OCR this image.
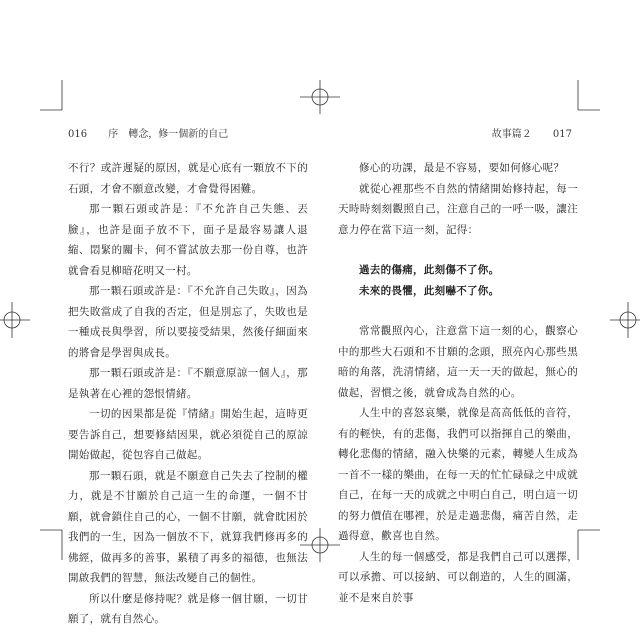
016 序　轉念，修一個新的自己	故事篇２ 017

不行？或許遲疑的原因，就是心底有一顆放不下的石頭，才會不願意改變，才會覺得困難。

那一顆石頭或許是：『不允許自己失態、丟臉』，也許是面子放不下，面子是最容易讓人退縮、悶緊的關卡，何不嘗試放去那一份自尊，也許就會看見柳暗花明又一村。

那一顆石頭或許是：『不允許自己失敗』，因為把失敗當成了自我的否定，但是別忘了，失敗也是一種成長與學習，所以要接受結果，然後仔細面來的將會是學習與成長。

那一顆石頭或許是：『不願意原諒一個人』，那是執著在心裡的怨恨情緒。

一切的因果都是從『情緒』開始生起，這時更要告訴自己，想要修結因果，就必須從自己的原諒開始做起，從包容自己做起。

那一顆石頭，就是不願意自己失去了控制的權力，就是不甘願於自己這一生的命運，一個不甘願，就會鎖住自己的心，一個不甘願，就會眈困於我們的一生，因為一個放不下，就算我們修再多的佛經，做再多的善事，累積了再多的福德，也無法開啟我們的智慧，無法改變自己的個性。

所以什麼是修持呢？就是修一個甘願，一切甘願了，就有自然心。

修心的功課，最是不容易，要如何修心呢？

就從心裡那些不自然的情緒開始修持起，每一天時時刻刻觀照自己，注意自己的一呼一吸，讓注意力停在當下這一刻，記得：

過去的傷痛，此刻傷不了你。

未來的畏懼，此刻嚇不了你。

常常觀照內心，注意當下這一刻的心，觀察心中的那些大石頭和不甘願的念頭，照亮內心那些黑暗的角落，洗清情緒，這一天一天的做起，無心的做起，習慣之後，就會成為自然的心。

人生中的喜怒哀樂，就像是高高低低的音符，有的輕快，有的悲傷，我們可以指揮自己的樂曲，轉化悲傷的情緒，融入快樂的元素，轉變人生成為一首不一樣的樂曲，在每一天的忙忙碌碌之中成就自己，在每一天的成就之中明白自己，明白這一切的努力價值在哪裡，於是走過悲傷，痛苦自然，走過得意，歡喜也自然。

人生的每一個感受，都是我們自己可以選擇，可以承擔、可以接納、可以創造的，人生的圓滿，並不是來自於事
